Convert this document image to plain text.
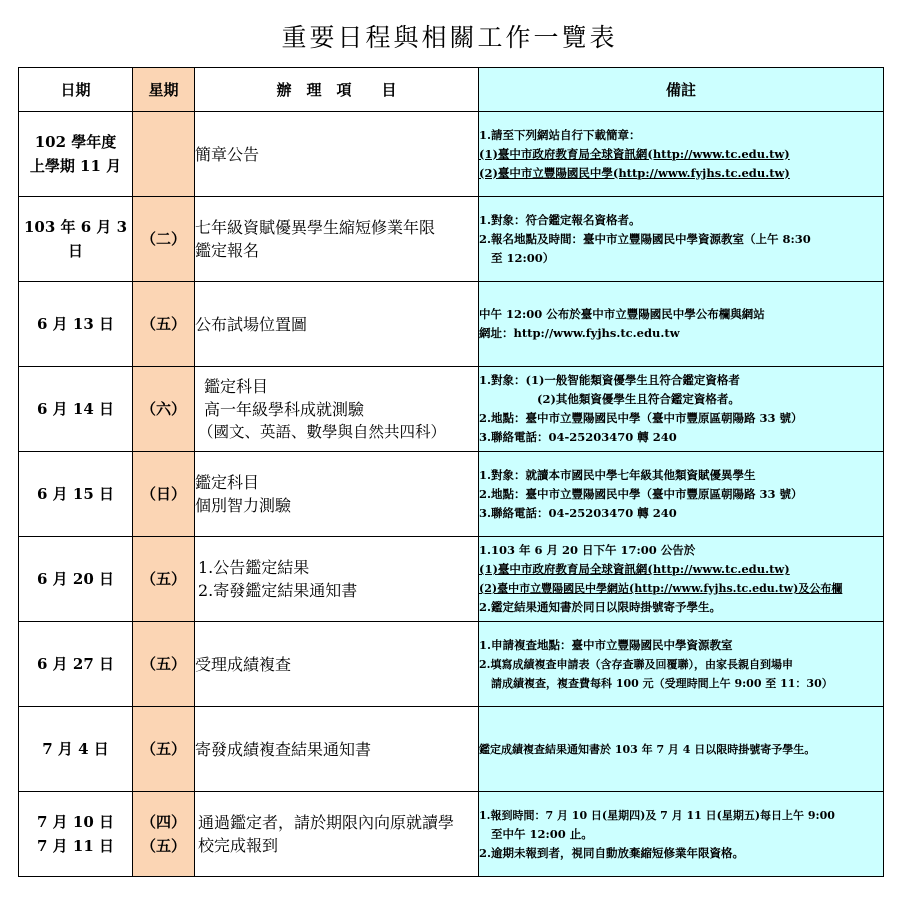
重要日程與相關工作一覽表
日期	星期	辦　理　項　　目	備註

102 學年度
上學期 11 月		簡章公告	1.請至下列網站自行下載簡章：
(1)臺中市政府教育局全球資訊網(http://www.tc.edu.tw)
(2)臺中市立豐陽國民中學(http://www.fyjhs.tc.edu.tw)

103 年 6 月 3 日	（二）	七年級資賦優異學生縮短修業年限
鑑定報名	1.對象：符合鑑定報名資格者。
2.報名地點及時間：臺中市立豐陽國民中學資源教室（上午 8:30
至 12:00）

6 月 13 日	（五）	公布試場位置圖	中午 12:00 公布於臺中市立豐陽國民中學公布欄與網站
網址：http://www.fyjhs.tc.edu.tw

6 月 14 日	（六）	鑑定科目
高一年級學科成就測驗
（國文、英語、數學與自然共四科）	1.對象：(1)一般智能類資優學生且符合鑑定資格者
(2)其他類資優學生且符合鑑定資格者。
2.地點：臺中市立豐陽國民中學（臺中市豐原區朝陽路 33 號）
3.聯絡電話：04-25203470 轉 240

6 月 15 日	（日）	鑑定科目
個別智力測驗	1.對象：就讀本市國民中學七年級其他類資賦優異學生
2.地點：臺中市立豐陽國民中學（臺中市豐原區朝陽路 33 號）
3.聯絡電話：04-25203470 轉 240

6 月 20 日	（五）	1.公告鑑定結果
2.寄發鑑定結果通知書	1.103 年 6 月 20 日下午 17:00 公告於
(1)臺中市政府教育局全球資訊網(http://www.tc.edu.tw)
(2)臺中市立豐陽國民中學網站(http://www.fyjhs.tc.edu.tw)及公布欄
2.鑑定結果通知書於同日以限時掛號寄予學生。

6 月 27 日	（五）	受理成績複查	1.申請複查地點：臺中市立豐陽國民中學資源教室
2.填寫成績複查申請表（含存查聯及回覆聯），由家長親自到場申
請成績複查，複查費每科 100 元（受理時間上午 9:00 至 11：30）

7 月 4 日	（五）	寄發成績複查結果通知書	鑑定成績複查結果通知書於 103 年 7 月 4 日以限時掛號寄予學生。

7 月 10 日
7 月 11 日	（四）
（五）	通過鑑定者，請於期限內向原就讀學
校完成報到	1.報到時間：7 月 10 日(星期四)及 7 月 11 日(星期五)每日上午 9:00
至中午 12:00 止。
2.逾期未報到者，視同自動放棄縮短修業年限資格。
